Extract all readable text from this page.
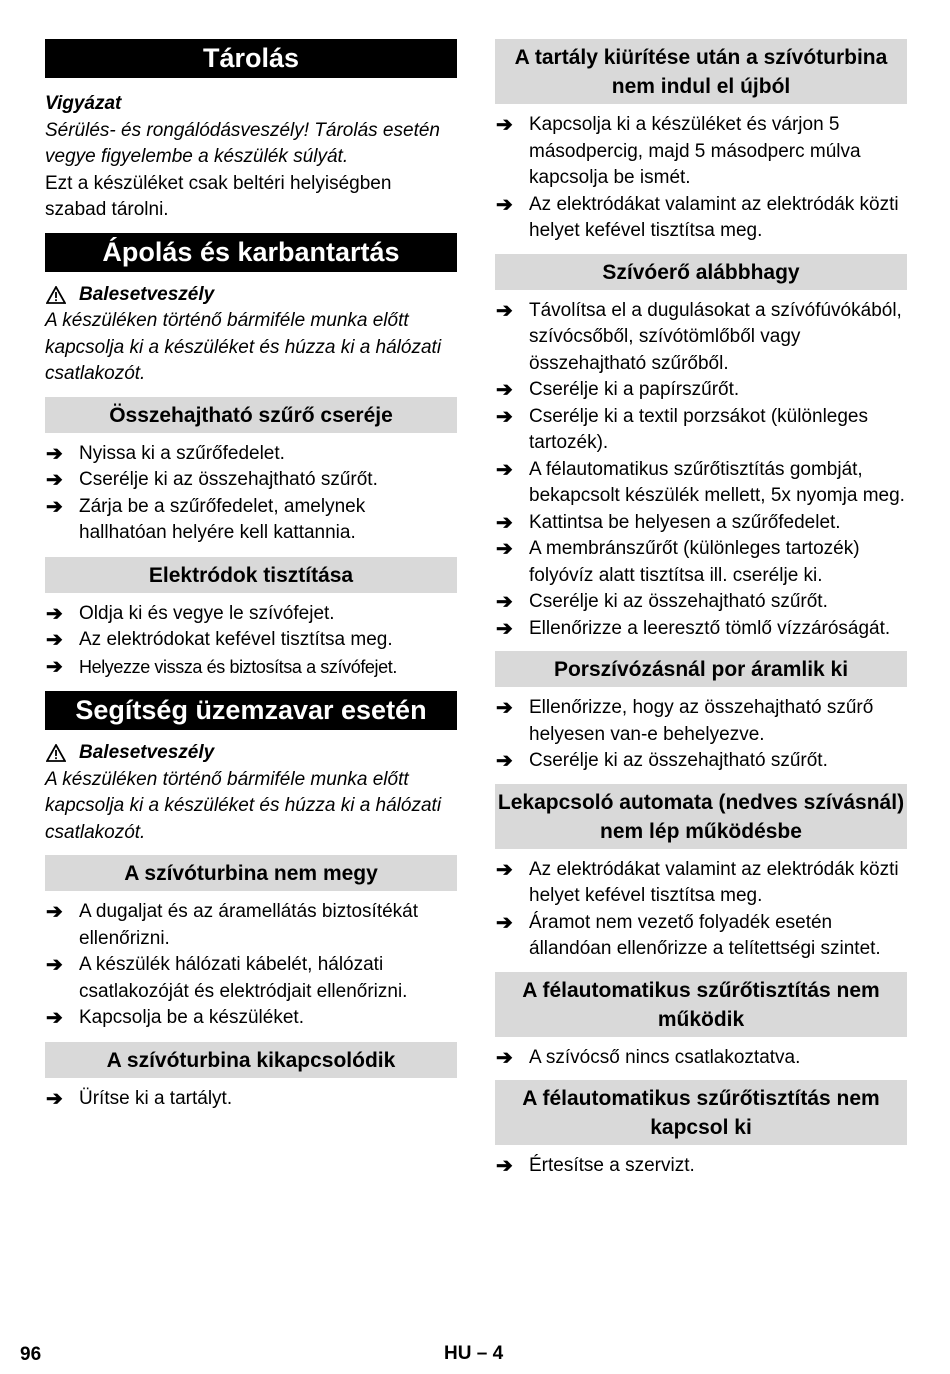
Tárolás

Vigyázat

Sérülés- és rongálódásveszély! Tárolás esetén vegye figyelembe a készülék súlyát.

Ezt a készüléket csak beltéri helyiségben szabad tárolni.

Ápolás és karbantartás
Balesetveszély

A készüléken történő bármiféle munka előtt kapcsolja ki a készüléket és húzza ki a hálózati csatlakozót.

Összehajtható szűrő cseréje
➔ Nyissa ki a szűrőfedelet.
➔ Cserélje ki az összehajtható szűrőt.
➔ Zárja be a szűrőfedelet, amelynek hallhatóan helyére kell kattannia.
Elektródok tisztítása
➔ Oldja ki és vegye le szívófejet.
➔ Az elektródokat kefével tisztítsa meg.
➔ Helyezze vissza és biztosítsa a szívófejet.
Segítség üzemzavar esetén
Balesetveszély

A készüléken történő bármiféle munka előtt kapcsolja ki a készüléket és húzza ki a hálózati csatlakozót.

A szívóturbina nem megy
➔ A dugaljat és az áramellátás biztosítékát ellenőrizni.
➔ A készülék hálózati kábelét, hálózati csatlakozóját és elektródjait ellenőrizni.
➔ Kapcsolja be a készüléket.
A szívóturbina kikapcsolódik
➔ Ürítse ki a tartályt.
A tartály kiürítése után a szívóturbina nem indul el újból
➔ Kapcsolja ki a készüléket és várjon 5 másodpercig, majd 5 másodperc múlva kapcsolja be ismét.
➔ Az elektródákat valamint az elektródák közti helyet kefével tisztítsa meg.
Szívóerő alábbhagy
➔ Távolítsa el a dugulásokat a szívófúvókából, szívócsőből, szívótömlőből vagy összehajtható szűrőből.
➔ Cserélje ki a papírszűrőt.
➔ Cserélje ki a textil porzsákot (különleges tartozék).
➔ A félautomatikus szűrőtisztítás gombját, bekapcsolt készülék mellett, 5x nyomja meg.
➔ Kattintsa be helyesen a szűrőfedelet.
➔ A membránszűrőt (különleges tartozék) folyóvíz alatt tisztítsa ill. cserélje ki.
➔ Cserélje ki az összehajtható szűrőt.
➔ Ellenőrizze a leeresztő tömlő vízzáróságát.
Porszívózásnál por áramlik ki
➔ Ellenőrizze, hogy az összehajtható szűrő helyesen van-e behelyezve.
➔ Cserélje ki az összehajtható szűrőt.
Lekapcsoló automata (nedves szívásnál) nem lép működésbe
➔ Az elektródákat valamint az elektródák közti helyet kefével tisztítsa meg.
➔ Áramot nem vezető folyadék esetén állandóan ellenőrizze a telítettségi szintet.
A félautomatikus szűrőtisztítás nem működik
➔ A szívócső nincs csatlakoztatva.
A félautomatikus szűrőtisztítás nem kapcsol ki
➔ Értesítse a szervizt.
96	HU – 4
